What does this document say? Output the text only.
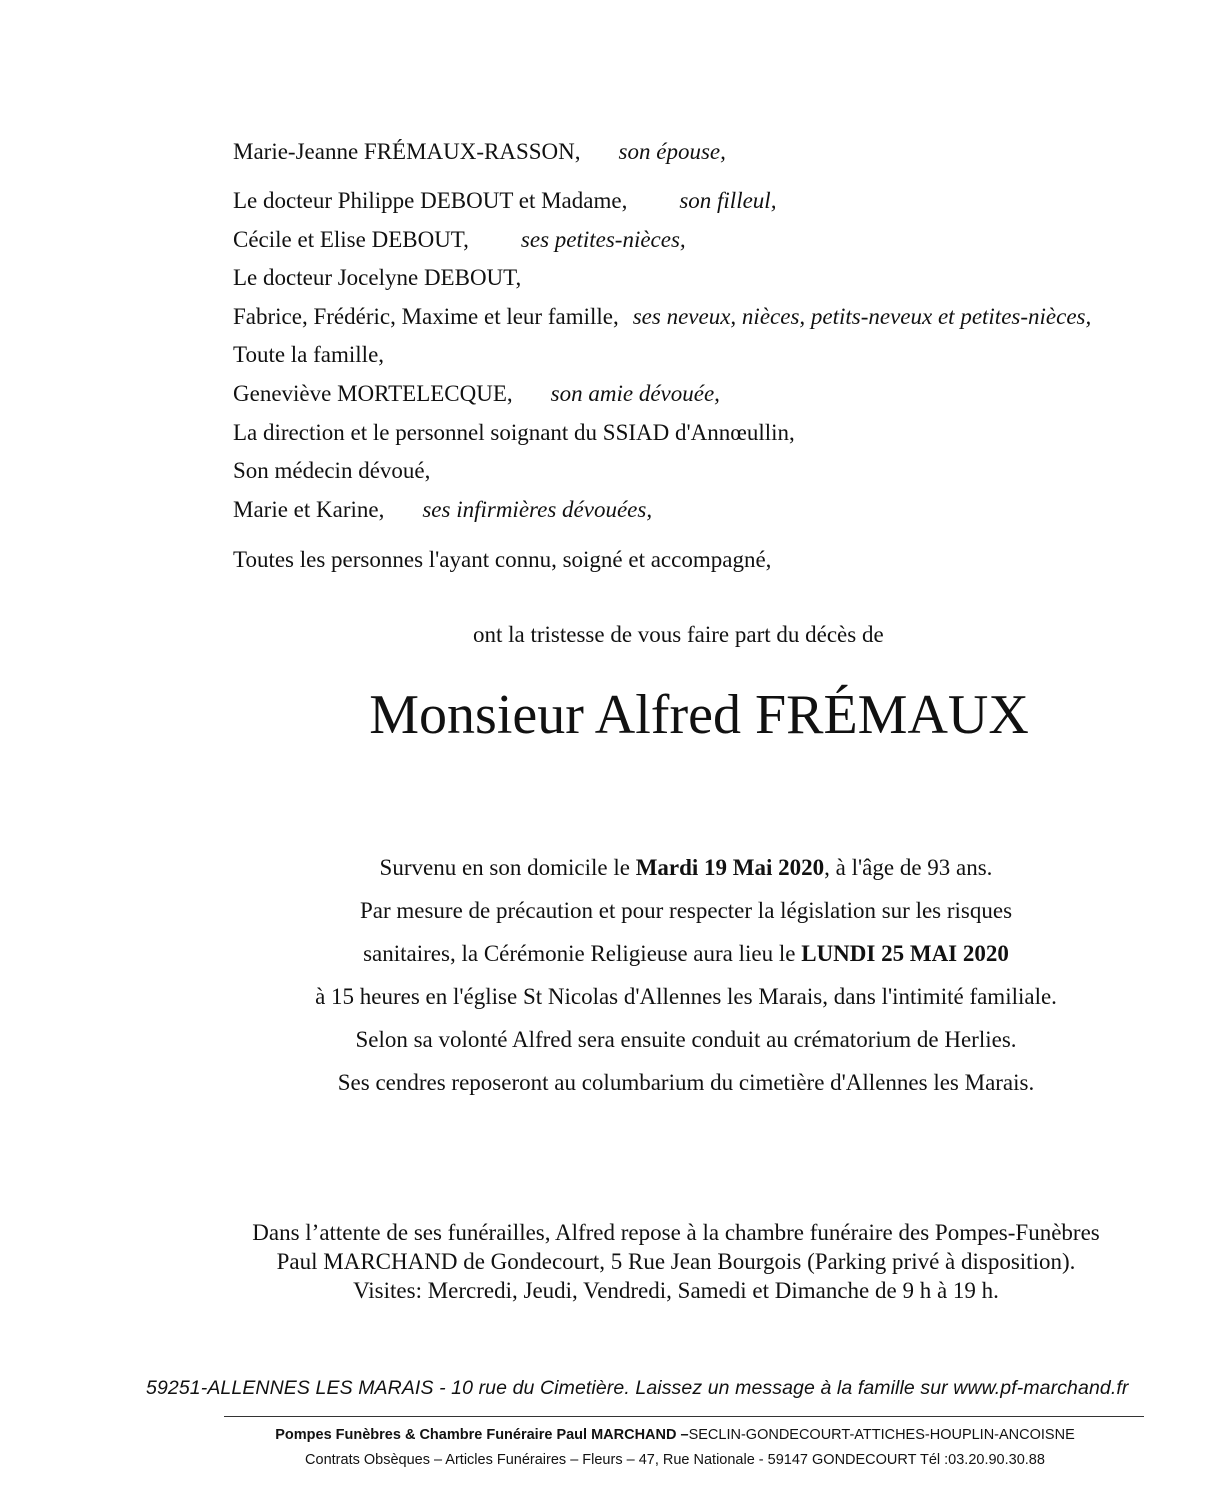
Marie-Jeanne FRÉMAUX-RASSON, son épouse,
Le docteur Philippe DEBOUT et Madame, son filleul,
Cécile et Elise DEBOUT, ses petites-nièces,
Le docteur Jocelyne DEBOUT,
Fabrice, Frédéric, Maxime et leur famille, ses neveux, nièces, petits-neveux et petites-nièces,
Toute la famille,
Geneviève MORTELECQUE, son amie dévouée,
La direction et le personnel soignant du SSIAD d'Annœullin,
Son médecin dévoué,
Marie et Karine, ses infirmières dévouées,
Toutes les personnes l'ayant connu, soigné et accompagné,
ont la tristesse de vous faire part du décès de
Monsieur Alfred FRÉMAUX
Survenu en son domicile le Mardi 19 Mai 2020, à l'âge de 93 ans.
Par mesure de précaution et pour respecter la législation sur les risques
sanitaires, la Cérémonie Religieuse aura lieu le LUNDI 25 MAI 2020
à 15 heures en l'église St Nicolas d'Allennes les Marais, dans l'intimité familiale.
Selon sa volonté Alfred sera ensuite conduit au crématorium de Herlies.
Ses cendres reposeront au columbarium du cimetière d'Allennes les Marais.
Dans l’attente de ses funérailles, Alfred repose à la chambre funéraire des Pompes-Funèbres
Paul MARCHAND de Gondecourt, 5 Rue Jean Bourgois (Parking privé à disposition).
Visites: Mercredi, Jeudi, Vendredi, Samedi et Dimanche de 9 h à 19 h.
59251-ALLENNES LES MARAIS - 10 rue du Cimetière. Laissez un message à la famille sur www.pf-marchand.fr
Pompes Funèbres & Chambre Funéraire Paul MARCHAND –SECLIN-GONDECOURT-ATTICHES-HOUPLIN-ANCOISNE
Contrats Obsèques – Articles Funéraires – Fleurs – 47, Rue Nationale - 59147 GONDECOURT Tél :03.20.90.30.88
